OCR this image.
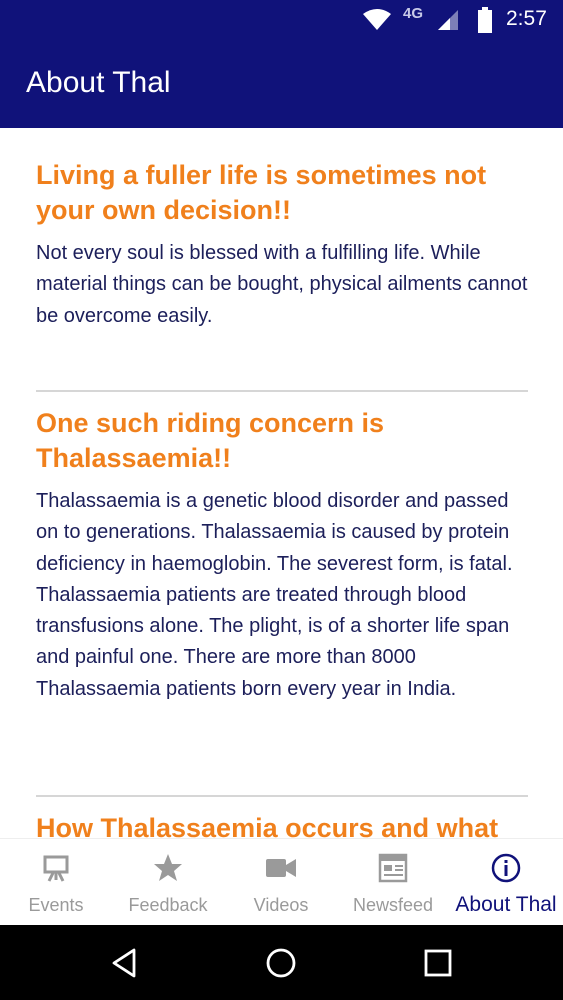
4G	2:57
About Thal
Living a fuller life is sometimes not your own decision!!

Not every soul is blessed with a fulfilling life. While material things can be bought, physical ailments cannot be overcome easily.

One such riding concern is Thalassaemia!!

Thalassaemia is a genetic blood disorder and passed on to generations. Thalassaemia is caused by protein deficiency in haemoglobin. The severest form, is fatal. Thalassaemia patients are treated through blood transfusions alone. The plight, is of a shorter life span and painful one. There are more than 8000 Thalassaemia patients born every year in India.

How Thalassaemia occurs and what
Events	Feedback	Videos	Newsfeed	About Thal
